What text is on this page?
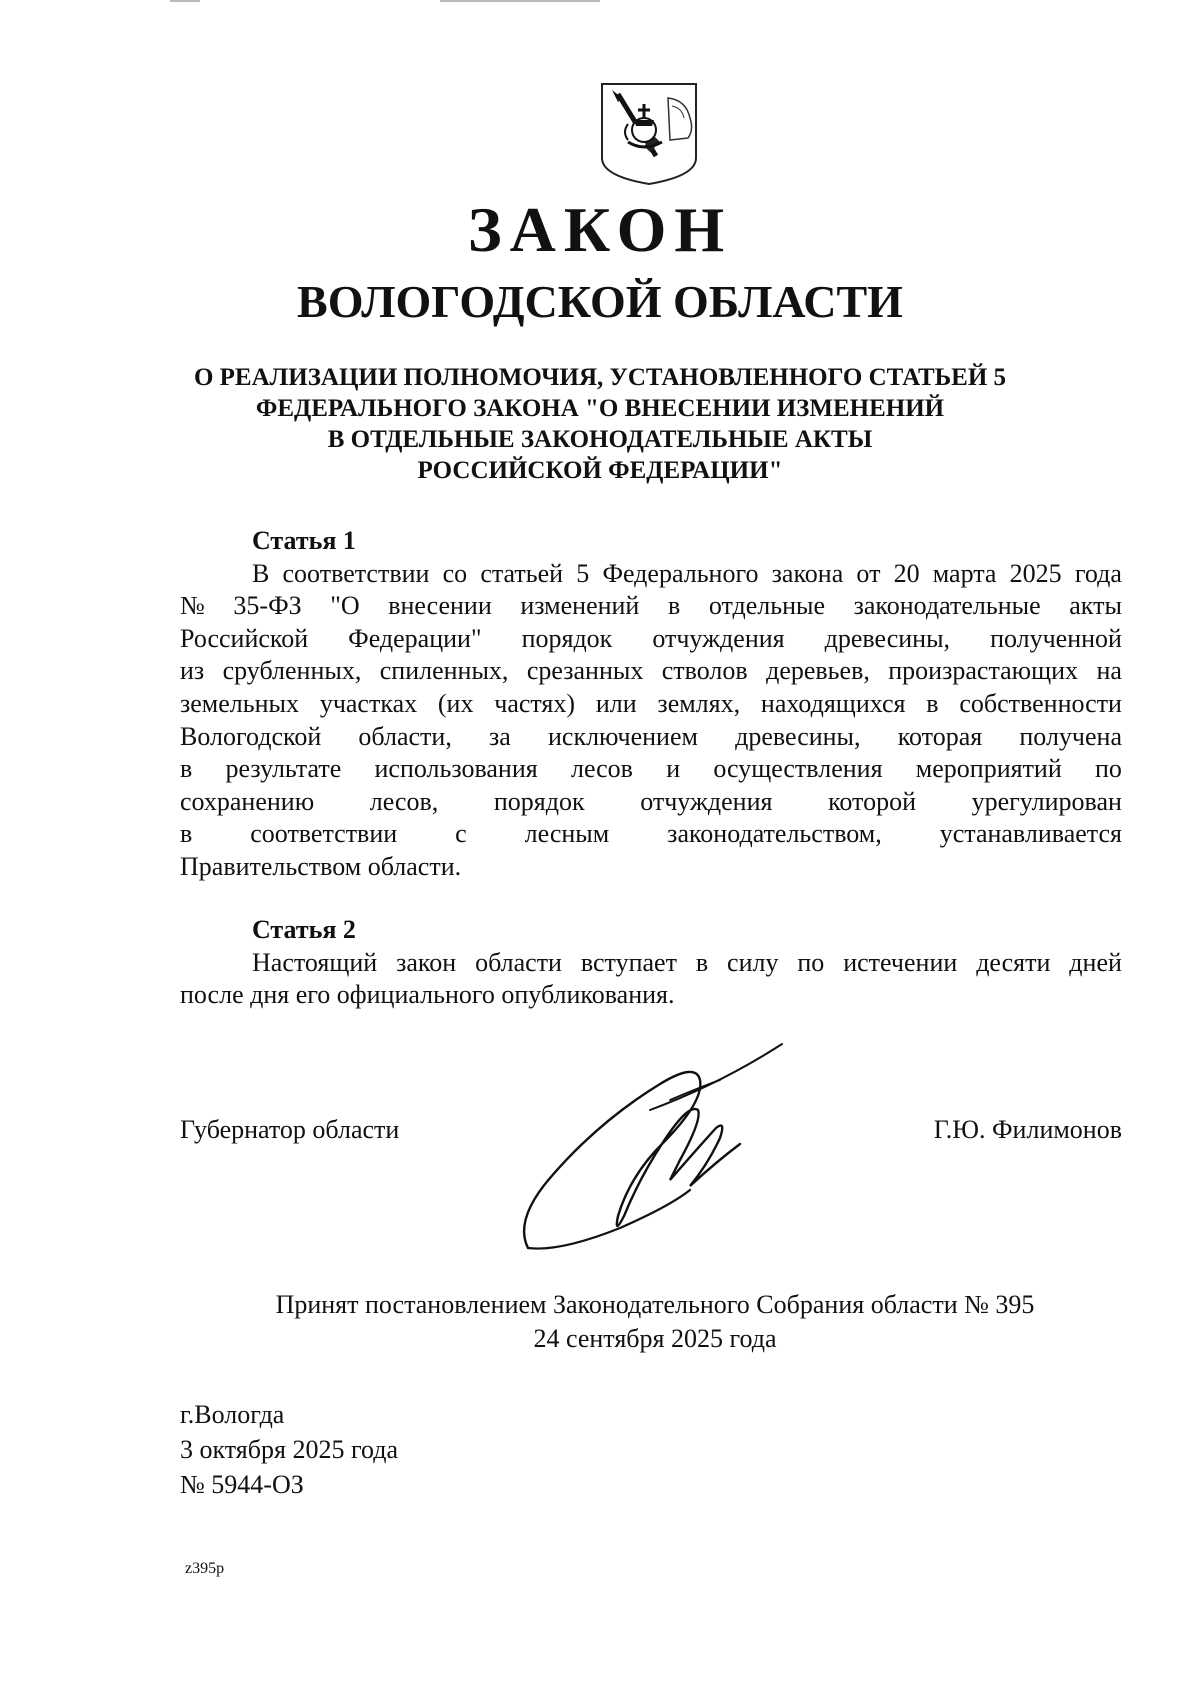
ЗАКОН
ВОЛОГОДСКОЙ ОБЛАСТИ
О РЕАЛИЗАЦИИ ПОЛНОМОЧИЯ, УСТАНОВЛЕННОГО СТАТЬЕЙ 5
ФЕДЕРАЛЬНОГО ЗАКОНА "О ВНЕСЕНИИ ИЗМЕНЕНИЙ
В ОТДЕЛЬНЫЕ ЗАКОНОДАТЕЛЬНЫЕ АКТЫ
РОССИЙСКОЙ ФЕДЕРАЦИИ"
Статья 1
В соответствии со статьей 5 Федерального закона от 20 марта 2025 года
№ 35-ФЗ "О внесении изменений в отдельные законодательные акты
Российской Федерации" порядок отчуждения древесины, полученной
из срубленных, спиленных, срезанных стволов деревьев, произрастающих на
земельных участках (их частях) или землях, находящихся в собственности
Вологодской области, за исключением древесины, которая получена
в результате использования лесов и осуществления мероприятий по
сохранению лесов, порядок отчуждения которой урегулирован
в соответствии с лесным законодательством, устанавливается
Правительством области.
Статья 2
Настоящий закон области вступает в силу по истечении десяти дней
после дня его официального опубликования.
Губернатор области	Г.Ю. Филимонов
Принят постановлением Законодательного Собрания области № 395
24 сентября 2025 года
г.Вологда
3 октября 2025 года
№ 5944-ОЗ
z395p
